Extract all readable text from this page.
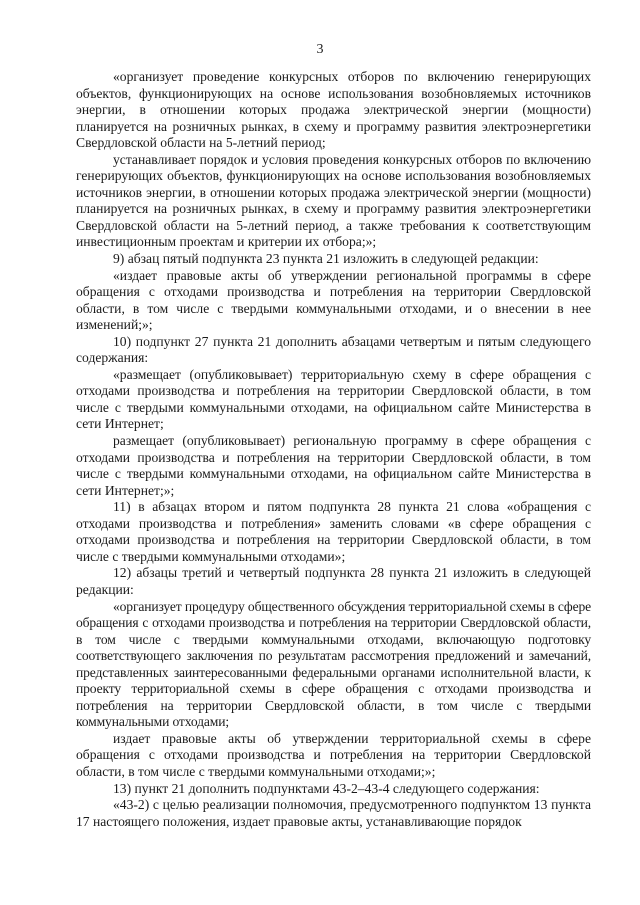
3

«организует проведение конкурсных отборов по включению генерирующих объектов, функционирующих на основе использования возобновляемых источников энергии, в отношении которых продажа электрической энергии (мощности) планируется на розничных рынках, в схему и программу развития электроэнергетики Свердловской области на 5-летний период;

устанавливает порядок и условия проведения конкурсных отборов по включению генерирующих объектов, функционирующих на основе использования возобновляемых источников энергии, в отношении которых продажа электрической энергии (мощности) планируется на розничных рынках, в схему и программу развития электроэнергетики Свердловской области на 5-летний период, а также требования к соответствующим инвестиционным проектам и критерии их отбора;»;

9) абзац пятый подпункта 23 пункта 21 изложить в следующей редакции:

«издает правовые акты об утверждении региональной программы в сфере обращения с отходами производства и потребления на территории Свердловской области, в том числе с твердыми коммунальными отходами, и о внесении в нее изменений;»;

10) подпункт 27 пункта 21 дополнить абзацами четвертым и пятым следующего содержания:

«размещает (опубликовывает) территориальную схему в сфере обращения с отходами производства и потребления на территории Свердловской области, в том числе с твердыми коммунальными отходами, на официальном сайте Министерства в сети Интернет;

размещает (опубликовывает) региональную программу в сфере обращения с отходами производства и потребления на территории Свердловской области, в том числе с твердыми коммунальными отходами, на официальном сайте Министерства в сети Интернет;»;

11) в абзацах втором и пятом подпункта 28 пункта 21 слова «обращения с отходами производства и потребления» заменить словами «в сфере обращения с отходами производства и потребления на территории Свердловской области, в том числе с твердыми коммунальными отходами»;

12) абзацы третий и четвертый подпункта 28 пункта 21 изложить в следующей редакции:

«организует процедуру общественного обсуждения территориальной схемы в сфере обращения с отходами производства и потребления на территории Свердловской области, в том числе с твердыми коммунальными отходами, включающую подготовку соответствующего заключения по результатам рассмотрения предложений и замечаний, представленных заинтересованными федеральными органами исполнительной власти, к проекту территориальной схемы в сфере обращения с отходами производства и потребления на территории Свердловской области, в том числе с твердыми коммунальными отходами;

издает правовые акты об утверждении территориальной схемы в сфере обращения с отходами производства и потребления на территории Свердловской области, в том числе с твердыми коммунальными отходами;»;

13) пункт 21 дополнить подпунктами 43-2–43-4 следующего содержания:

«43-2) с целью реализации полномочия, предусмотренного подпунктом 13 пункта 17 настоящего положения, издает правовые акты, устанавливающие порядок
